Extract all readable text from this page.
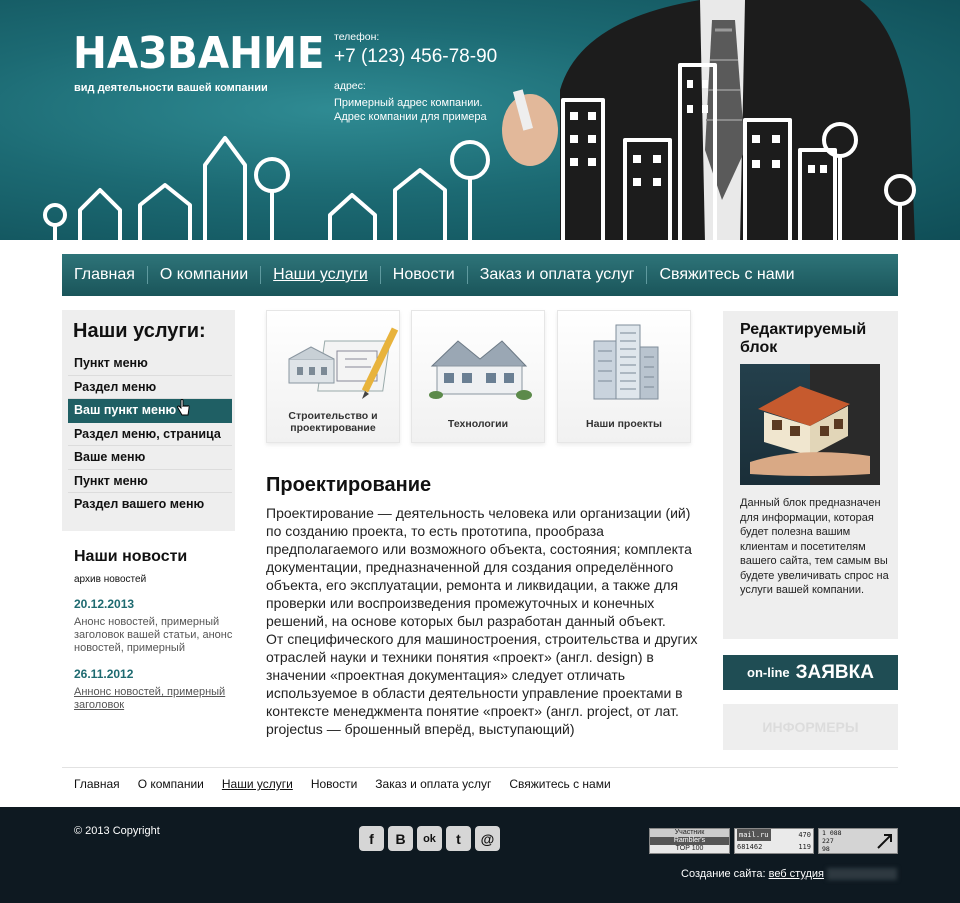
НАЗВАНИЕ
вид деятельности вашей компании
телефон:
+7 (123) 456-78-90
адрес:
Примерный адрес компании.
Адрес компании для примера
Главная	О компании	Наши услуги	Новости	Заказ и оплата услуг	Свяжитесь с нами
Наши услуги:
Пункт меню
Раздел меню
Ваш пункт меню
Раздел меню, страница
Ваше меню
Пункт меню
Раздел вашего меню
Наши новости
архив новостей
20.12.2013
Анонс новостей, примерный заголовок вашей статьи, анонс новостей, примерный
26.11.2012
Аннонс новостей, примерный заголовок
Строительство и проектирование	Технологии	Наши проекты
Проектирование
Проектирование — деятельность человека или организации (ий) по созданию проекта, то есть прототипа, прообраза предполагаемого или возможного объекта, состояния; комплекта документации, предназначенной для создания определённого объекта, его эксплуатации, ремонта и ликвидации, а также для проверки или воспроизведения промежуточных и конечных решений, на основе которых был разработан данный объект.
От специфического для машиностроения, строительства и других отраслей науки и техники понятия «проект» (англ. design) в значении «проектная документация» следует отличать используемое в области деятельности управление проектами в контексте менеджмента понятие «проект» (англ. project, от лат. projectus — брошенный вперёд, выступающий)
Редактируемый блок
Данный блок предназначен для информации, которая будет полезна вашим клиентам и посетителям вашего сайта, тем самым вы будете увеличивать спрос на услуги вашей компании.
on-line ЗАЯВКА
ИНФОРМЕРЫ
Главная О компании Наши услуги Новости Заказ и оплата услуг Свяжитесь с нами
© 2013 Copyright	f	B	ok	t	@	Участник
Rambler's
TOP 100
mail.ru	470
681462	119
1 088
227
98
Создание сайта: веб студия
